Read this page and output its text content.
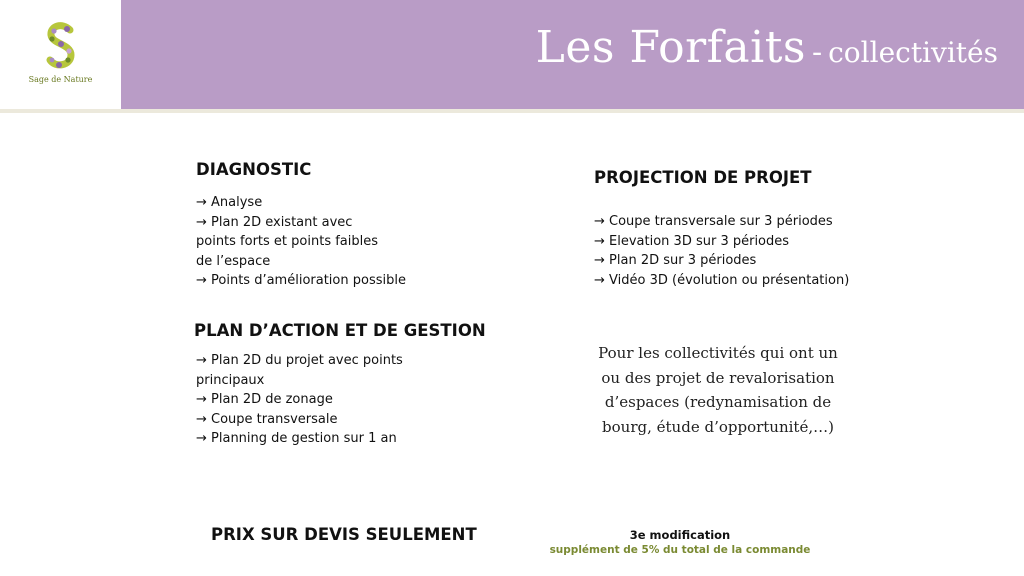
Sage de Nature
Les Forfaits - collectivités
DIAGNOSTIC
→ Analyse
→ Plan 2D existant avec
points forts et points faibles
de l’espace
→ Points d’amélioration possible
PROJECTION DE PROJET
→ Coupe transversale sur 3 périodes
→ Elevation 3D sur 3 périodes
→ Plan 2D sur 3 périodes
→ Vidéo 3D (évolution ou présentation)
PLAN D’ACTION ET DE GESTION
→ Plan 2D du projet avec points
principaux
→ Plan 2D de zonage
→ Coupe transversale
→ Planning de gestion sur 1 an
Pour les collectivités qui ont un
ou des projet de revalorisation
d’espaces (redynamisation de
bourg, étude d’opportunité,…)
PRIX SUR DEVIS SEULEMENT	3e modification
supplément de 5% du total de la commande
